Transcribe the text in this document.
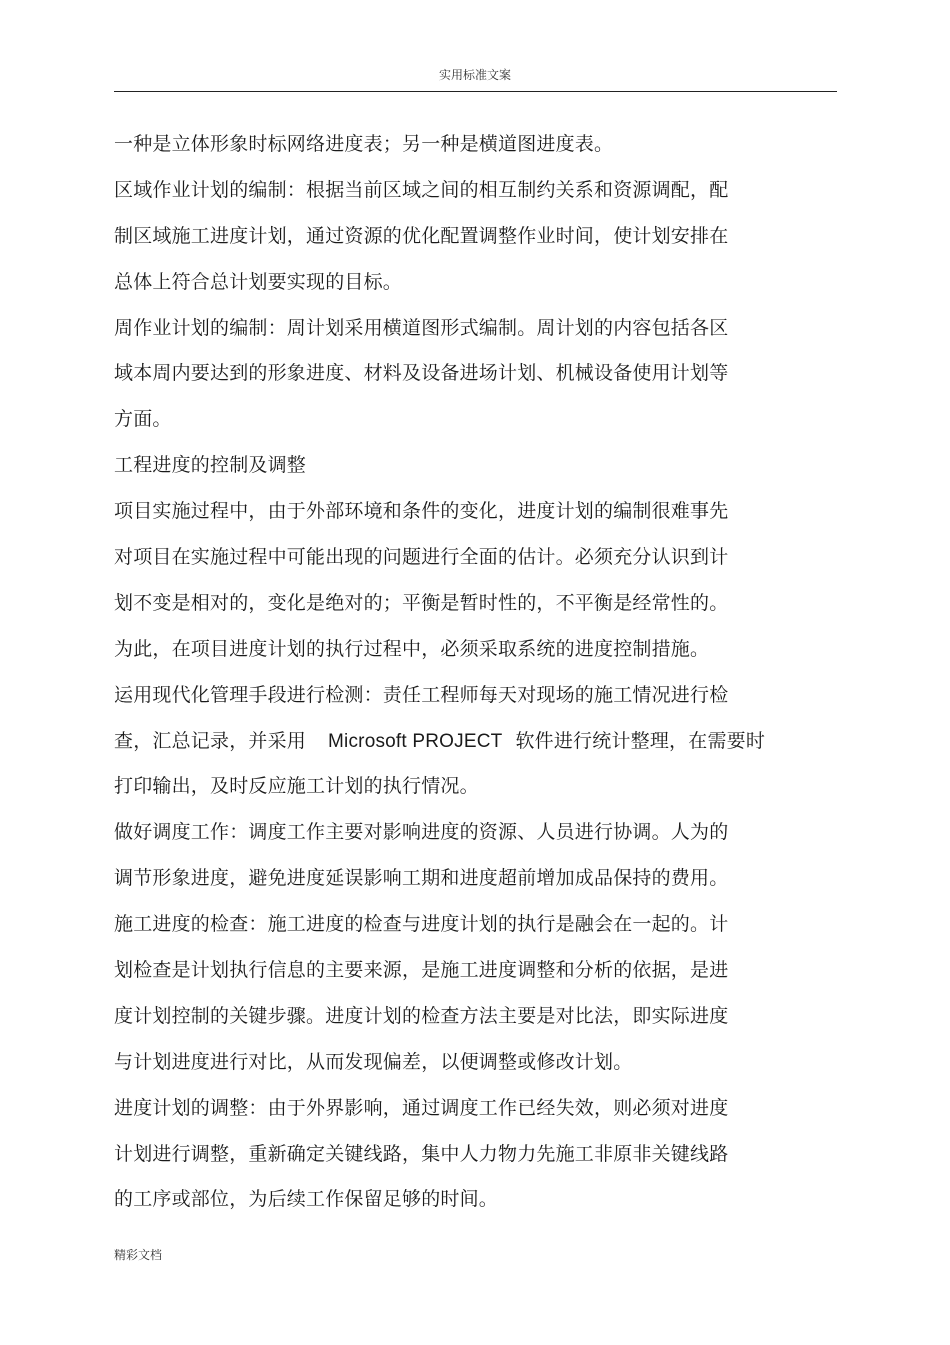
实用标准文案
一种是立体形象时标网络进度表；另一种是横道图进度表。
区域作业计划的编制：根据当前区域之间的相互制约关系和资源调配，配
制区域施工进度计划，通过资源的优化配置调整作业时间，使计划安排在
总体上符合总计划要实现的目标。
周作业计划的编制：周计划采用横道图形式编制。周计划的内容包括各区
域本周内要达到的形象进度、材料及设备进场计划、机械设备使用计划等
方面。
工程进度的控制及调整
项目实施过程中，由于外部环境和条件的变化，进度计划的编制很难事先
对项目在实施过程中可能出现的问题进行全面的估计。必须充分认识到计
划不变是相对的，变化是绝对的；平衡是暂时性的，不平衡是经常性的。
为此，在项目进度计划的执行过程中，必须采取系统的进度控制措施。
运用现代化管理手段进行检测：责任工程师每天对现场的施工情况进行检
查，汇总记录，并采用 Microsoft PROJECT 软件进行统计整理，在需要时
打印输出，及时反应施工计划的执行情况。
做好调度工作：调度工作主要对影响进度的资源、人员进行协调。人为的
调节形象进度，避免进度延误影响工期和进度超前增加成品保持的费用。
施工进度的检查：施工进度的检查与进度计划的执行是融会在一起的。计
划检查是计划执行信息的主要来源，是施工进度调整和分析的依据，是进
度计划控制的关键步骤。进度计划的检查方法主要是对比法，即实际进度
与计划进度进行对比，从而发现偏差，以便调整或修改计划。
进度计划的调整：由于外界影响，通过调度工作已经失效，则必须对进度
计划进行调整，重新确定关键线路，集中人力物力先施工非原非关键线路
的工序或部位，为后续工作保留足够的时间。
精彩文档
